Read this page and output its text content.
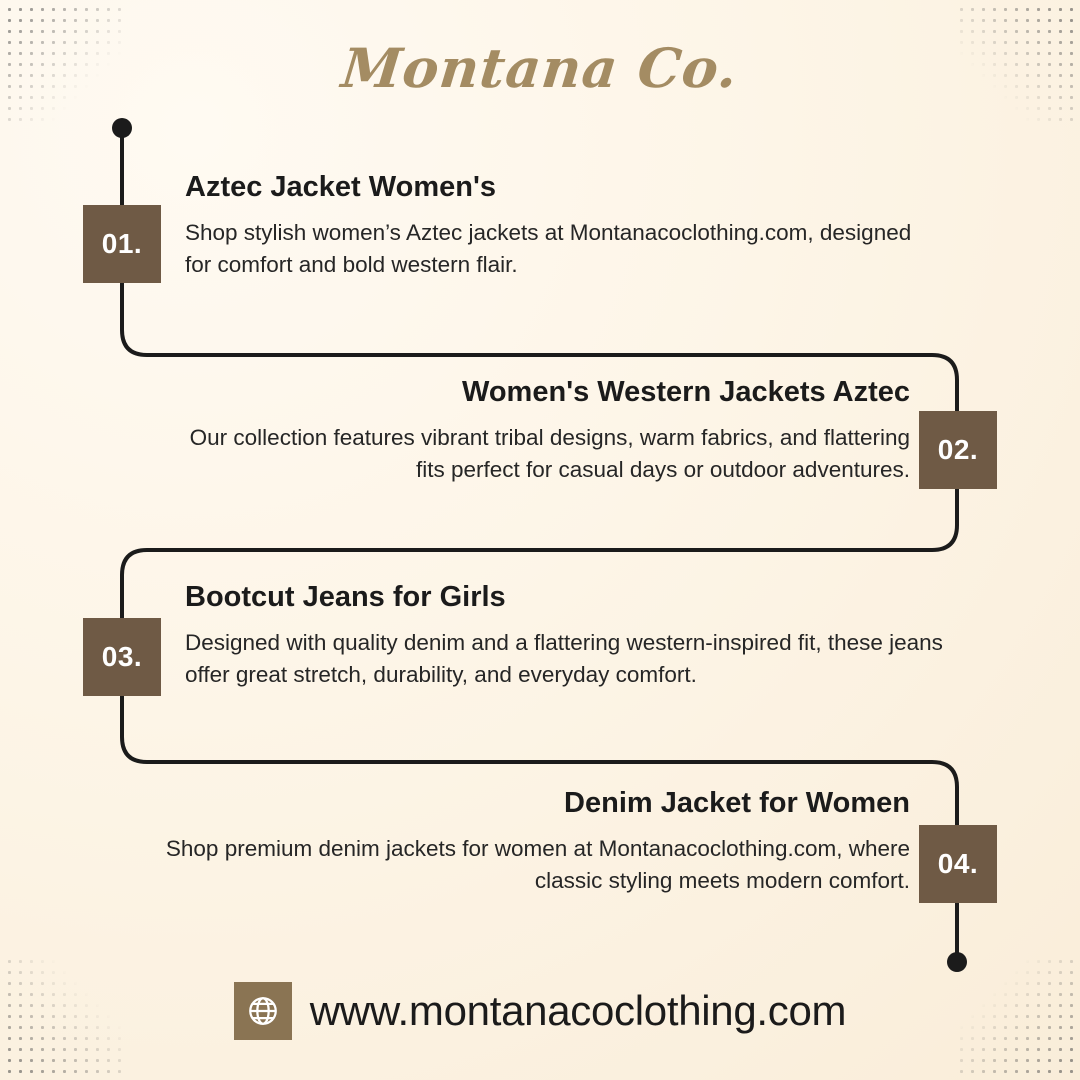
Montana Co.
01.
02.
03.
04.
Aztec Jacket Women's

Shop stylish women’s Aztec jackets at Montanacoclothing.com, designed for comfort and bold western flair.

Women's Western Jackets Aztec

Our collection features vibrant tribal designs, warm fabrics, and flattering fits perfect for casual days or outdoor adventures.

Bootcut Jeans for Girls

Designed with quality denim and a flattering western-inspired fit, these jeans offer great stretch, durability, and everyday comfort.

Denim Jacket for Women

Shop premium denim jackets for women at Montanacoclothing.com, where classic styling meets modern comfort.

www.montanacoclothing.com
